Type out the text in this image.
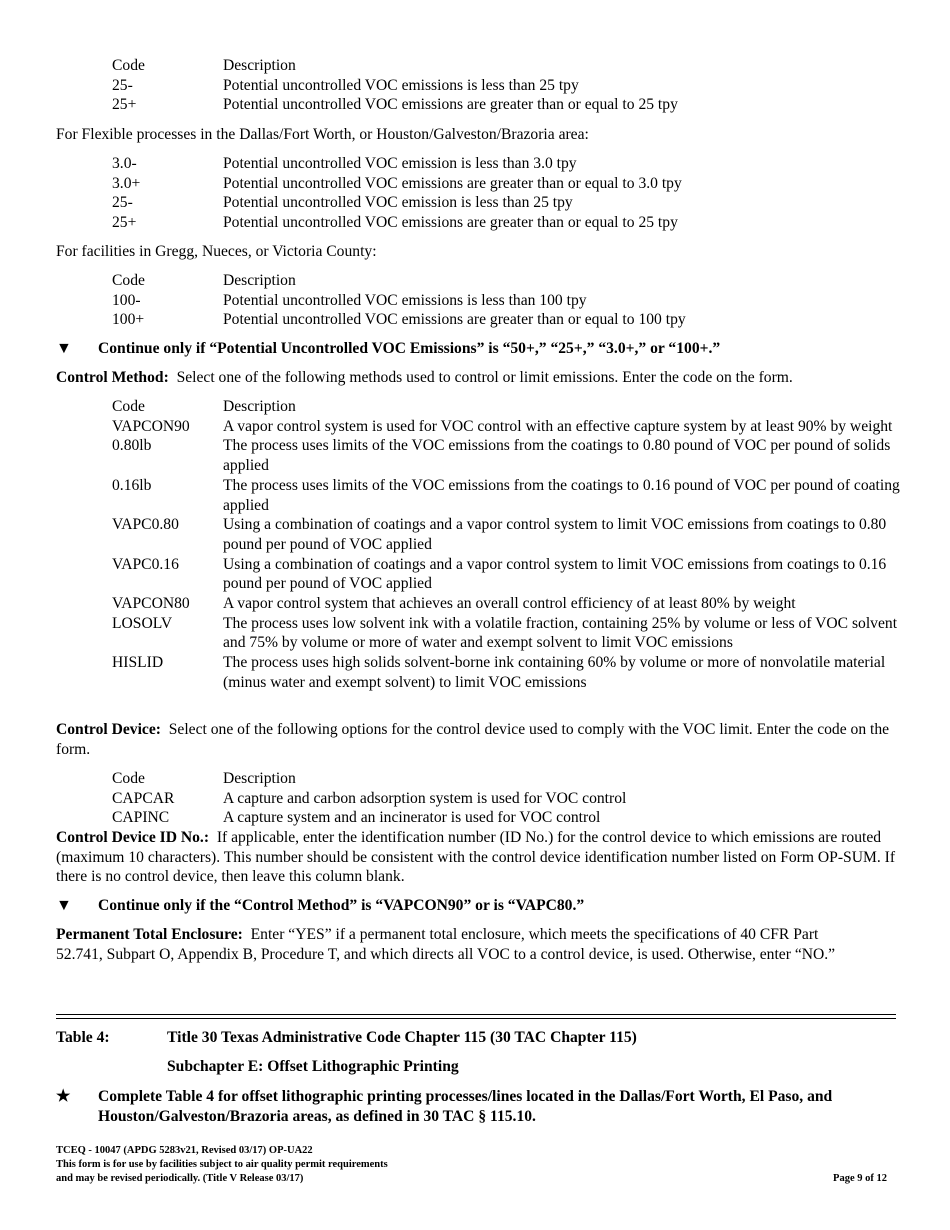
Code	Description
25-	Potential uncontrolled VOC emissions is less than 25 tpy
25+	Potential uncontrolled VOC emissions are greater than or equal to 25 tpy
For Flexible processes in the Dallas/Fort Worth, or Houston/Galveston/Brazoria area:
3.0-	Potential uncontrolled VOC emission is less than 3.0 tpy
3.0+	Potential uncontrolled VOC emissions are greater than or equal to 3.0 tpy
25-	Potential uncontrolled VOC emission is less than 25 tpy
25+	Potential uncontrolled VOC emissions are greater than or equal to 25 tpy
For facilities in Gregg, Nueces, or Victoria County:
Code	Description
100-	Potential uncontrolled VOC emissions is less than 100 tpy
100+	Potential uncontrolled VOC emissions are greater than or equal to 100 tpy
▼	Continue only if “Potential Uncontrolled VOC Emissions” is “50+,” “25+,” “3.0+,” or “100+.”
Control Method: Select one of the following methods used to control or limit emissions. Enter the code on the form.
Code	Description
VAPCON90	A vapor control system is used for VOC control with an effective capture system by at least 90% by weight
0.80lb	The process uses limits of the VOC emissions from the coatings to 0.80 pound of VOC per pound of solids applied
0.16lb	The process uses limits of the VOC emissions from the coatings to 0.16 pound of VOC per pound of coating applied
VAPC0.80	Using a combination of coatings and a vapor control system to limit VOC emissions from coatings to 0.80 pound per pound of VOC applied
VAPC0.16	Using a combination of coatings and a vapor control system to limit VOC emissions from coatings to 0.16 pound per pound of VOC applied
VAPCON80	A vapor control system that achieves an overall control efficiency of at least 80% by weight
LOSOLV	The process uses low solvent ink with a volatile fraction, containing 25% by volume or less of VOC solvent and 75% by volume or more of water and exempt solvent to limit VOC emissions
HISLID	The process uses high solids solvent-borne ink containing 60% by volume or more of nonvolatile material (minus water and exempt solvent) to limit VOC emissions
Control Device: Select one of the following options for the control device used to comply with the VOC limit. Enter the code on the form.
Code	Description
CAPCAR	A capture and carbon adsorption system is used for VOC control
CAPINC	A capture system and an incinerator is used for VOC control
Control Device ID No.: If applicable, enter the identification number (ID No.) for the control device to which emissions are routed (maximum 10 characters). This number should be consistent with the control device identification number listed on Form OP-SUM. If there is no control device, then leave this column blank.
▼	Continue only if the “Control Method” is “VAPCON90” or is “VAPC80.”
Permanent Total Enclosure: Enter “YES” if a permanent total enclosure, which meets the specifications of 40 CFR Part 52.741, Subpart O, Appendix B, Procedure T, and which directs all VOC to a control device, is used. Otherwise, enter “NO.”
Table 4:	Title 30 Texas Administrative Code Chapter 115 (30 TAC Chapter 115)
Subchapter E: Offset Lithographic Printing
★	Complete Table 4 for offset lithographic printing processes/lines located in the Dallas/Fort Worth, El Paso, and Houston/Galveston/Brazoria areas, as defined in 30 TAC § 115.10.
TCEQ - 10047 (APDG 5283v21, Revised 03/17) OP-UA22
This form is for use by facilities subject to air quality permit requirements
and may be revised periodically. (Title V Release 03/17)	Page 9 of 12
